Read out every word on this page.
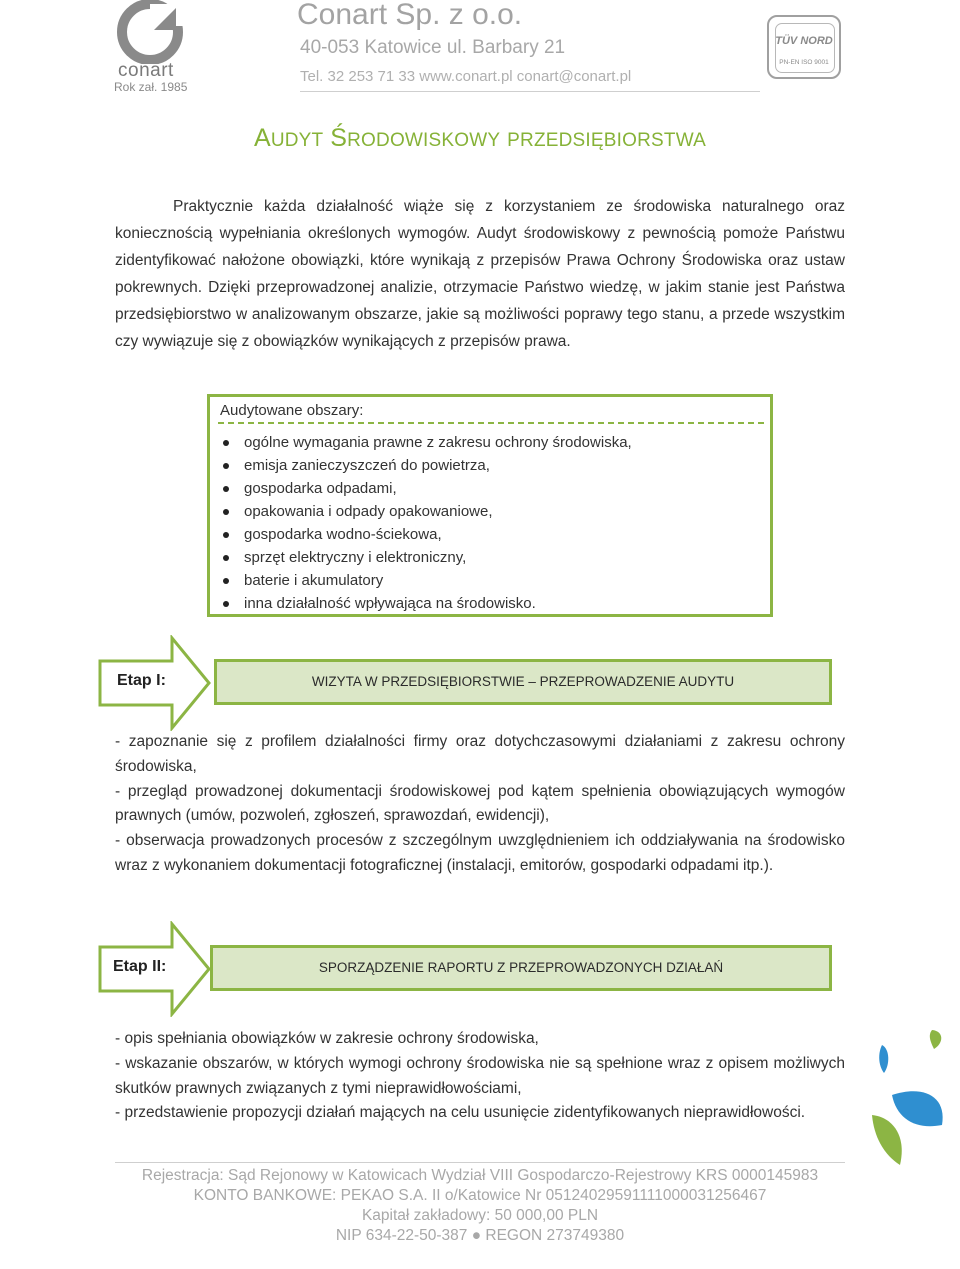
conart
Rok zał. 1985
Conart Sp. z o.o.
40-053 Katowice ul. Barbary 21
Tel. 32 253 71 33 www.conart.pl conart@conart.pl
TÜV NORD
PN-EN ISO 9001
AUDYT ŚRODOWISKOWY PRZEDSIĘBIORSTWA
Praktycznie każda działalność wiąże się z korzystaniem ze środowiska naturalnego oraz koniecznością wypełniania określonych wymogów. Audyt środowiskowy z pewnością pomoże Państwu zidentyfikować nałożone obowiązki, które wynikają z przepisów Prawa Ochrony Środowiska oraz ustaw pokrewnych. Dzięki przeprowadzonej analizie, otrzymacie Państwo wiedzę, w jakim stanie jest Państwa przedsiębiorstwo w analizowanym obszarze, jakie są możliwości poprawy tego stanu, a przede wszystkim czy wywiązuje się z obowiązków wynikających z przepisów prawa.
Audytowane obszary:
ogólne wymagania prawne z zakresu ochrony środowiska,
emisja zanieczyszczeń do powietrza,
gospodarka odpadami,
opakowania i odpady opakowaniowe,
gospodarka wodno-ściekowa,
sprzęt elektryczny i elektroniczny,
baterie i akumulatory
inna działalność wpływająca na środowisko.
Etap I:	WIZYTA W PRZEDSIĘBIORSTWIE – PRZEPROWADZENIE AUDYTU

- zapoznanie się z profilem działalności firmy oraz dotychczasowymi działaniami z zakresu ochrony środowiska,

- przegląd prowadzonej dokumentacji środowiskowej pod kątem spełnienia obowiązujących wymogów prawnych (umów, pozwoleń, zgłoszeń, sprawozdań, ewidencji),

- obserwacja prowadzonych procesów z szczególnym uwzględnieniem ich oddziaływania na środowisko wraz z wykonaniem dokumentacji fotograficznej (instalacji, emitorów, gospodarki odpadami itp.).

Etap II:	SPORZĄDZENIE RAPORTU Z PRZEPROWADZONYCH DZIAŁAŃ

- opis spełniania obowiązków w zakresie ochrony środowiska,

- wskazanie obszarów, w których wymogi ochrony środowiska nie są spełnione wraz z opisem możliwych skutków prawnych związanych z tymi nieprawidłowościami,

- przedstawienie propozycji działań mających na celu usunięcie zidentyfikowanych nieprawidłowości.

Rejestracja: Sąd Rejonowy w Katowicach Wydział VIII Gospodarczo-Rejestrowy KRS 0000145983
KONTO BANKOWE: PEKAO S.A. II o/Katowice Nr 05124029591111000031256467
Kapitał zakładowy: 50 000,00 PLN
NIP 634-22-50-387 ● REGON 273749380
